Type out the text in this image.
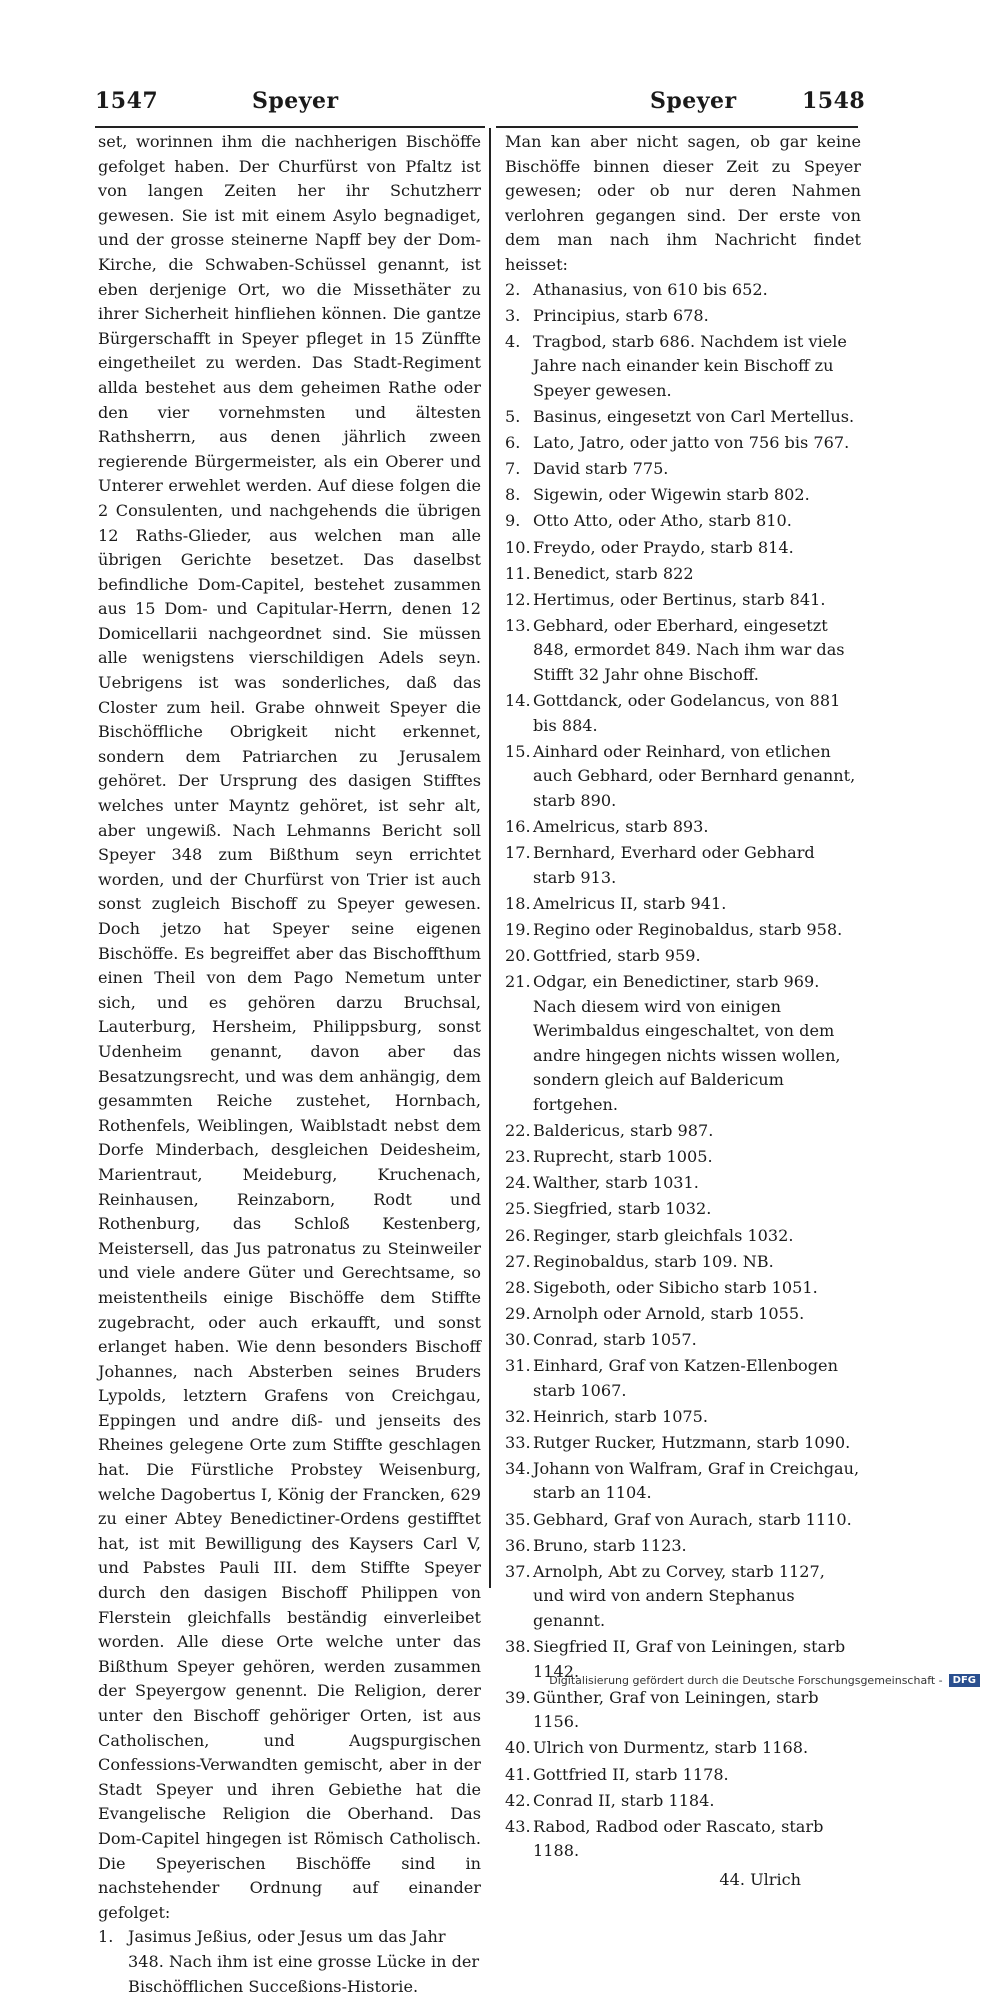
1547	Speyer	Speyer	1548

set, worinnen ihm die nachherigen Bischöffe gefolget haben. Der Churfürst von Pfaltz ist von langen Zeiten her ihr Schutzherr gewesen. Sie ist mit einem Asylo begnadiget, und der grosse steinerne Napff bey der Dom-Kirche, die Schwaben-Schüssel genannt, ist eben derjenige Ort, wo die Missethäter zu ihrer Sicherheit hinfliehen können. Die gantze Bürgerschafft in Speyer pfleget in 15 Zünffte eingetheilet zu werden. Das Stadt-Regiment allda bestehet aus dem geheimen Rathe oder den vier vornehmsten und ältesten Rathsherrn, aus denen jährlich zween regierende Bürgermeister, als ein Oberer und Unterer erwehlet werden. Auf diese folgen die 2 Consulenten, und nachgehends die übrigen 12 Raths-Glieder, aus welchen man alle übrigen Gerichte besetzet. Das daselbst befindliche Dom-Capitel, bestehet zusammen aus 15 Dom- und Capitular-Herrn, denen 12 Domicellarii nachgeordnet sind. Sie müssen alle wenigstens vierschildigen Adels seyn. Uebrigens ist was sonderliches, daß das Closter zum heil. Grabe ohnweit Speyer die Bischöffliche Obrigkeit nicht erkennet, sondern dem Patriarchen zu Jerusalem gehöret. Der Ursprung des dasigen Stifftes welches unter Mayntz gehöret, ist sehr alt, aber ungewiß. Nach Lehmanns Bericht soll Speyer 348 zum Bißthum seyn errichtet worden, und der Churfürst von Trier ist auch sonst zugleich Bischoff zu Speyer gewesen. Doch jetzo hat Speyer seine eigenen Bischöffe. Es begreiffet aber das Bischoffthum einen Theil von dem Pago Nemetum unter sich, und es gehören darzu Bruchsal, Lauterburg, Hersheim, Philippsburg, sonst Udenheim genannt, davon aber das Besatzungsrecht, und was dem anhängig, dem gesammten Reiche zustehet, Hornbach, Rothenfels, Weiblingen, Waiblstadt nebst dem Dorfe Minderbach, desgleichen Deidesheim, Marientraut, Meideburg, Kruchenach, Reinhausen, Reinzaborn, Rodt und Rothenburg, das Schloß Kestenberg, Meistersell, das Jus patronatus zu Steinweiler und viele andere Güter und Gerechtsame, so meistentheils einige Bischöffe dem Stiffte zugebracht, oder auch erkaufft, und sonst erlanget haben. Wie denn besonders Bischoff Johannes, nach Absterben seines Bruders Lypolds, letztern Grafens von Creichgau, Eppingen und andre diß- und jenseits des Rheines gelegene Orte zum Stiffte geschlagen hat. Die Fürstliche Probstey Weisenburg, welche Dagobertus I, König der Francken, 629 zu einer Abtey Benedictiner-Ordens gestifftet hat, ist mit Bewilligung des Kaysers Carl V, und Pabstes Pauli III. dem Stiffte Speyer durch den dasigen Bischoff Philippen von Flerstein gleichfalls beständig einverleibet worden. Alle diese Orte welche unter das Bißthum Speyer gehören, werden zusammen der Speyergow genennt. Die Religion, derer unter den Bischoff gehöriger Orten, ist aus Catholischen, und Augspurgischen Confessions-Verwandten gemischt, aber in der Stadt Speyer und ihren Gebiethe hat die Evangelische Religion die Oberhand. Das Dom-Capitel hingegen ist Römisch Catholisch. Die Speyerischen Bischöffe sind in nachstehender Ordnung auf einander gefolget:

1. Jasimus Jeßius, oder Jesus um das Jahr 348. Nach ihm ist eine grosse Lücke in der Bischöfflichen Succeßions-Historie.

Man kan aber nicht sagen, ob gar keine Bischöffe binnen dieser Zeit zu Speyer gewesen; oder ob nur deren Nahmen verlohren gegangen sind. Der erste von dem man nach ihm Nachricht findet heisset:

2. Athanasius, von 610 bis 652.
3. Principius, starb 678.
4. Tragbod, starb 686. Nachdem ist viele Jahre nach einander kein Bischoff zu Speyer gewesen.
5. Basinus, eingesetzt von Carl Mertellus.
6. Lato, Jatro, oder jatto von 756 bis 767.
7. David starb 775.
8. Sigewin, oder Wigewin starb 802.
9. Otto Atto, oder Atho, starb 810.
10. Freydo, oder Praydo, starb 814.
11. Benedict, starb 822
12. Hertimus, oder Bertinus, starb 841.
13. Gebhard, oder Eberhard, eingesetzt 848, ermordet 849. Nach ihm war das Stifft 32 Jahr ohne Bischoff.
14. Gottdanck, oder Godelancus, von 881 bis 884.
15. Ainhard oder Reinhard, von etlichen auch Gebhard, oder Bernhard genannt, starb 890.
16. Amelricus, starb 893.
17. Bernhard, Everhard oder Gebhard starb 913.
18. Amelricus II, starb 941.
19. Regino oder Reginobaldus, starb 958.
20. Gottfried, starb 959.
21. Odgar, ein Benedictiner, starb 969. Nach diesem wird von einigen Werimbaldus eingeschaltet, von dem andre hingegen nichts wissen wollen, sondern gleich auf Baldericum fortgehen.
22. Baldericus, starb 987.
23. Ruprecht, starb 1005.
24. Walther, starb 1031.
25. Siegfried, starb 1032.
26. Reginger, starb gleichfals 1032.
27. Reginobaldus, starb 109. NB.
28. Sigeboth, oder Sibicho starb 1051.
29. Arnolph oder Arnold, starb 1055.
30. Conrad, starb 1057.
31. Einhard, Graf von Katzen-Ellenbogen starb 1067.
32. Heinrich, starb 1075.
33. Rutger Rucker, Hutzmann, starb 1090.
34. Johann von Walfram, Graf in Creichgau, starb an 1104.
35. Gebhard, Graf von Aurach, starb 1110.
36. Bruno, starb 1123.
37. Arnolph, Abt zu Corvey, starb 1127, und wird von andern Stephanus genannt.
38. Siegfried II, Graf von Leiningen, starb 1142.
39. Günther, Graf von Leiningen, starb 1156.
40. Ulrich von Durmentz, starb 1168.
41. Gottfried II, starb 1178.
42. Conrad II, starb 1184.
43. Rabod, Radbod oder Rascato, starb 1188.
44. Ulrich
Digitalisierung gefördert durch die Deutsche Forschungsgemeinschaft -	DFG
